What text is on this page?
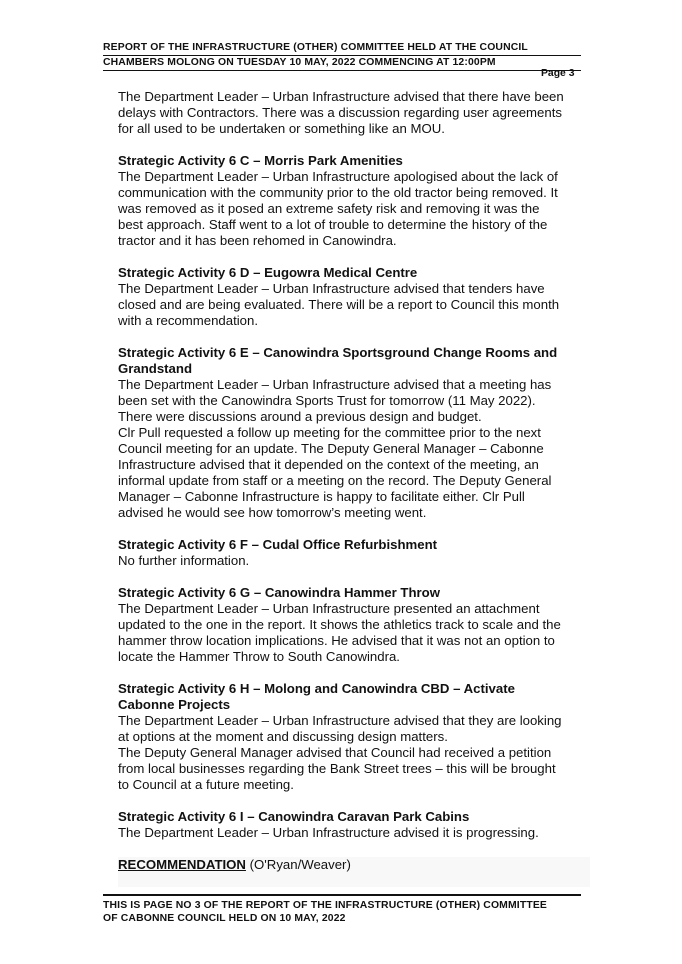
REPORT OF THE INFRASTRUCTURE (OTHER) COMMITTEE HELD AT THE COUNCIL
CHAMBERS MOLONG ON TUESDAY 10 MAY, 2022 COMMENCING AT 12:00PM
Page 3

The Department Leader – Urban Infrastructure advised that there have been

delays with Contractors. There was a discussion regarding user agreements

for all used to be undertaken or something like an MOU.

Strategic Activity 6 C – Morris Park Amenities

The Department Leader – Urban Infrastructure apologised about the lack of

communication with the community prior to the old tractor being removed. It

was removed as it posed an extreme safety risk and removing it was the

best approach. Staff went to a lot of trouble to determine the history of the

tractor and it has been rehomed in Canowindra.

Strategic Activity 6 D – Eugowra Medical Centre

The Department Leader – Urban Infrastructure advised that tenders have

closed and are being evaluated. There will be a report to Council this month

with a recommendation.

Strategic Activity 6 E – Canowindra Sportsground Change Rooms and

Grandstand

The Department Leader – Urban Infrastructure advised that a meeting has

been set with the Canowindra Sports Trust for tomorrow (11 May 2022).

There were discussions around a previous design and budget.

Clr Pull requested a follow up meeting for the committee prior to the next

Council meeting for an update. The Deputy General Manager – Cabonne

Infrastructure advised that it depended on the context of the meeting, an

informal update from staff or a meeting on the record. The Deputy General

Manager – Cabonne Infrastructure is happy to facilitate either. Clr Pull

advised he would see how tomorrow’s meeting went.

Strategic Activity 6 F – Cudal Office Refurbishment

No further information.

Strategic Activity 6 G – Canowindra Hammer Throw

The Department Leader – Urban Infrastructure presented an attachment

updated to the one in the report. It shows the athletics track to scale and the

hammer throw location implications. He advised that it was not an option to

locate the Hammer Throw to South Canowindra.

Strategic Activity 6 H – Molong and Canowindra CBD – Activate

Cabonne Projects

The Department Leader – Urban Infrastructure advised that they are looking

at options at the moment and discussing design matters.

The Deputy General Manager advised that Council had received a petition

from local businesses regarding the Bank Street trees – this will be brought

to Council at a future meeting.

Strategic Activity 6 I – Canowindra Caravan Park Cabins

The Department Leader – Urban Infrastructure advised it is progressing.

RECOMMENDATION (O'Ryan/Weaver)
THIS IS PAGE NO 3 OF THE REPORT OF THE INFRASTRUCTURE (OTHER) COMMITTEE
OF CABONNE COUNCIL HELD ON 10 MAY, 2022
